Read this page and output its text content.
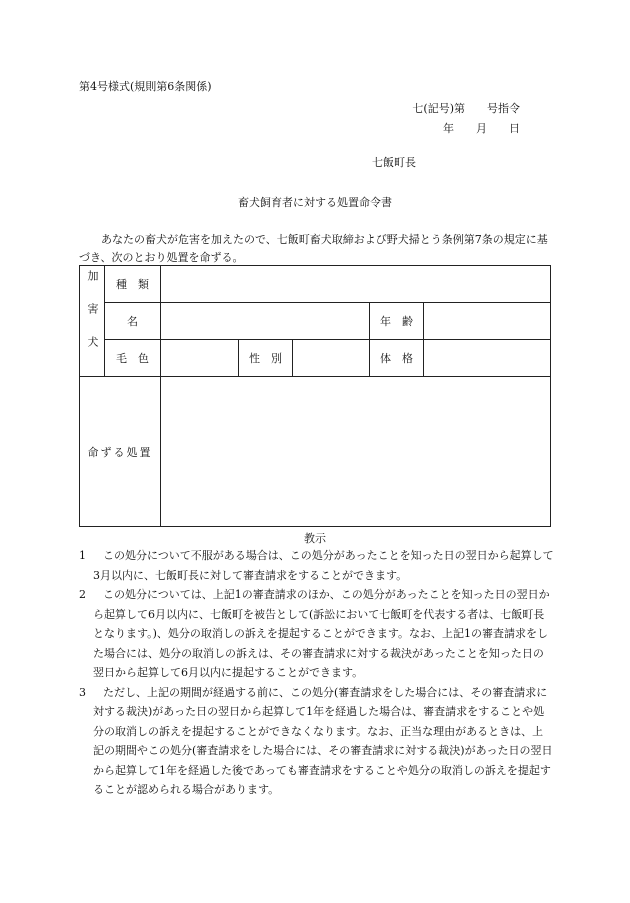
第4号様式(規則第6条関係)
七(記号)第　　号指令
年　　月　　日
七飯町長
畜犬飼育者に対する処置命令書
あなたの畜犬が危害を加えたので、七飯町畜犬取締および野犬掃とう条例第7条の規定に基づき、次のとおり処置を命ずる。
加害犬	種　類					
	名				年　齢	
	毛　色		性　別		体　格	
命ずる処置						
教示

1	この処分について不服がある場合は、この処分があったことを知った日の翌日から起算して3月以内に、七飯町長に対して審査請求をすることができます。

2	この処分については、上記1の審査請求のほか、この処分があったことを知った日の翌日から起算して6月以内に、七飯町を被告として(訴訟において七飯町を代表する者は、七飯町長となります。)、処分の取消しの訴えを提起することができます。なお、上記1の審査請求をした場合には、処分の取消しの訴えは、その審査請求に対する裁決があったことを知った日の翌日から起算して6月以内に提起することができます。

3	ただし、上記の期間が経過する前に、この処分(審査請求をした場合には、その審査請求に対する裁決)があった日の翌日から起算して1年を経過した場合は、審査請求をすることや処分の取消しの訴えを提起することができなくなります。なお、正当な理由があるときは、上記の期間やこの処分(審査請求をした場合には、その審査請求に対する裁決)があった日の翌日から起算して1年を経過した後であっても審査請求をすることや処分の取消しの訴えを提起することが認められる場合があります。
